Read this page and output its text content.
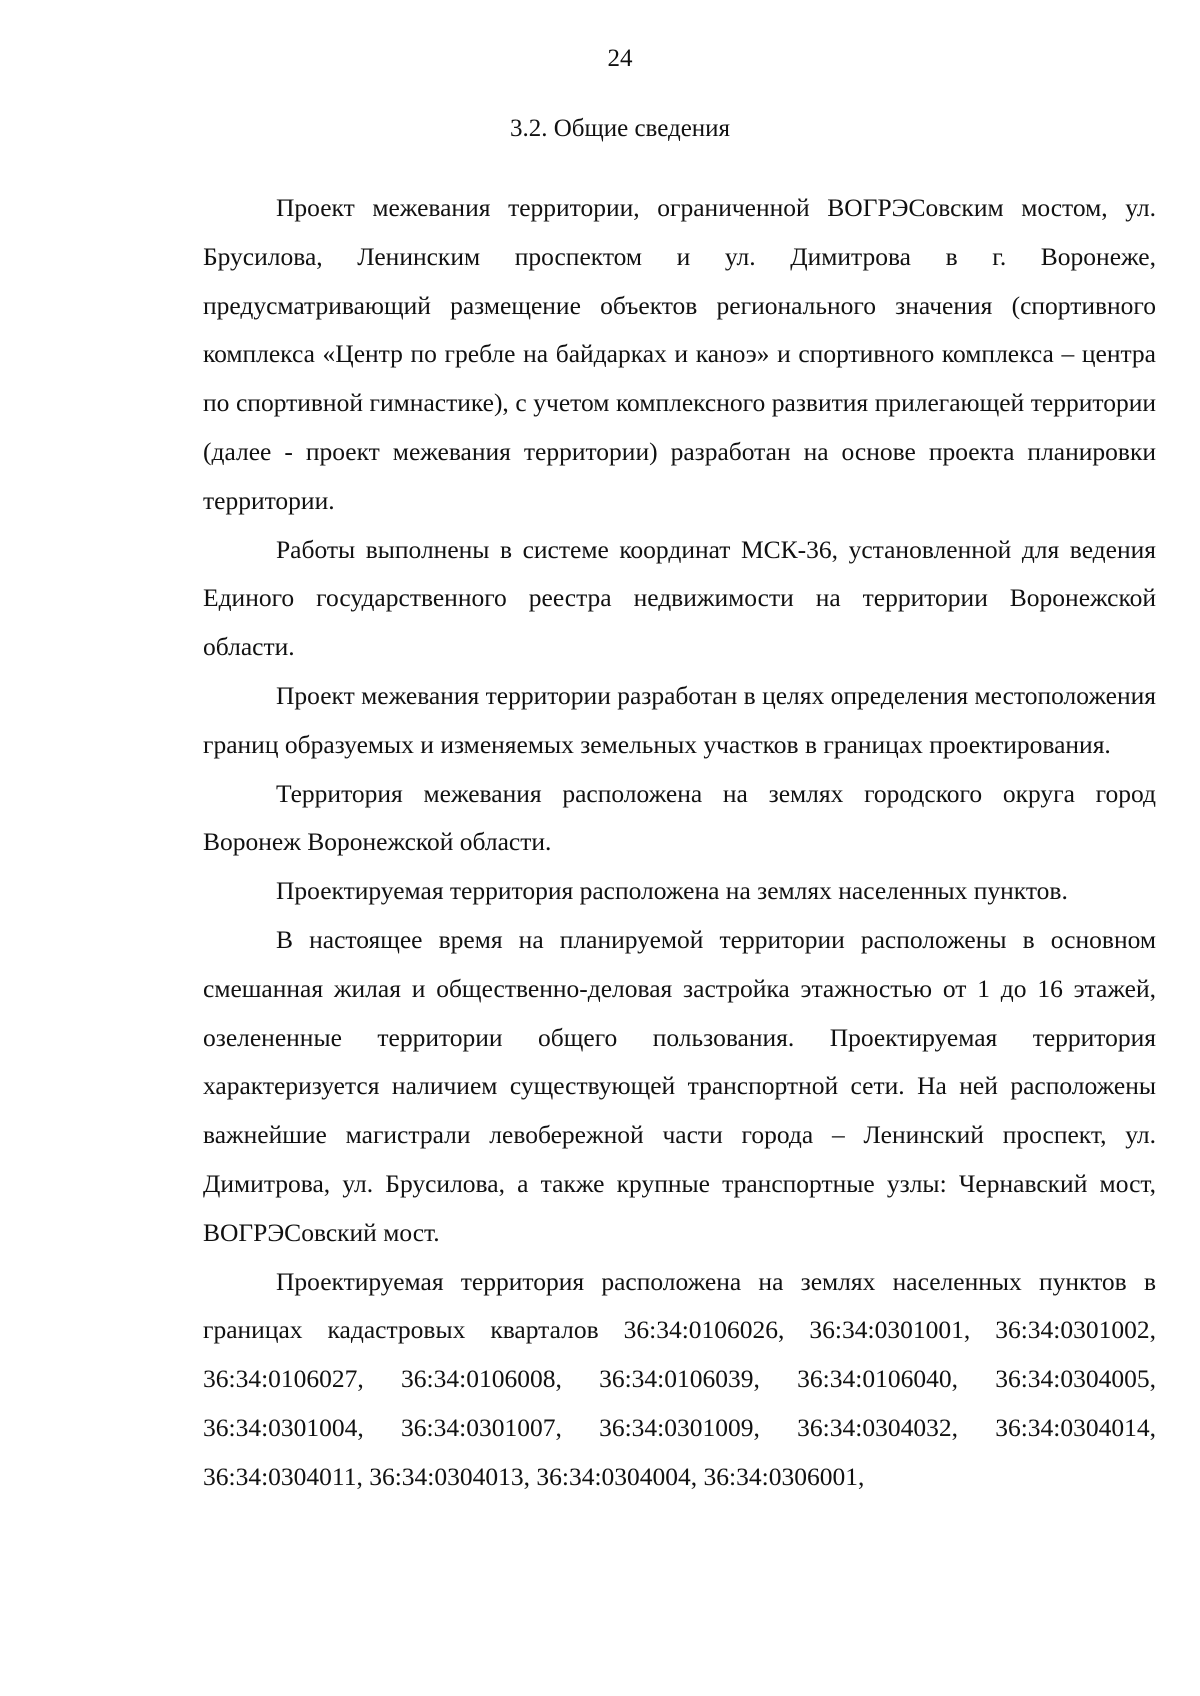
24
3.2. Общие сведения

Проект межевания территории, ограниченной ВОГРЭСовским мостом, ул. Брусилова, Ленинским проспектом и ул. Димитрова в г. Воронеже, предусматривающий размещение объектов регионального значения (спортивного комплекса «Центр по гребле на байдарках и каноэ» и спортивного комплекса – центра по спортивной гимнастике), с учетом комплексного развития прилегающей территории (далее - проект межевания территории) разработан на основе проекта планировки территории.

Работы выполнены в системе координат МСК-36, установленной для ведения Единого государственного реестра недвижимости на территории Воронежской области.

Проект межевания территории разработан в целях определения местоположения границ образуемых и изменяемых земельных участков в границах проектирования.

Территория межевания расположена на землях городского округа город Воронеж Воронежской области.

Проектируемая территория расположена на землях населенных пунктов.

В настоящее время на планируемой территории расположены в основном смешанная жилая и общественно-деловая застройка этажностью от 1 до 16 этажей, озелененные территории общего пользования. Проектируемая территория характеризуется наличием существующей транспортной сети. На ней расположены важнейшие магистрали левобережной части города – Ленинский проспект, ул. Димитрова, ул. Брусилова, а также крупные транспортные узлы: Чернавский мост, ВОГРЭСовский мост.

Проектируемая территория расположена на землях населенных пунктов в границах кадастровых кварталов 36:34:0106026, 36:34:0301001, 36:34:0301002, 36:34:0106027, 36:34:0106008, 36:34:0106039, 36:34:0106040, 36:34:0304005, 36:34:0301004, 36:34:0301007, 36:34:0301009, 36:34:0304032, 36:34:0304014, 36:34:0304011, 36:34:0304013, 36:34:0304004, 36:34:0306001,
